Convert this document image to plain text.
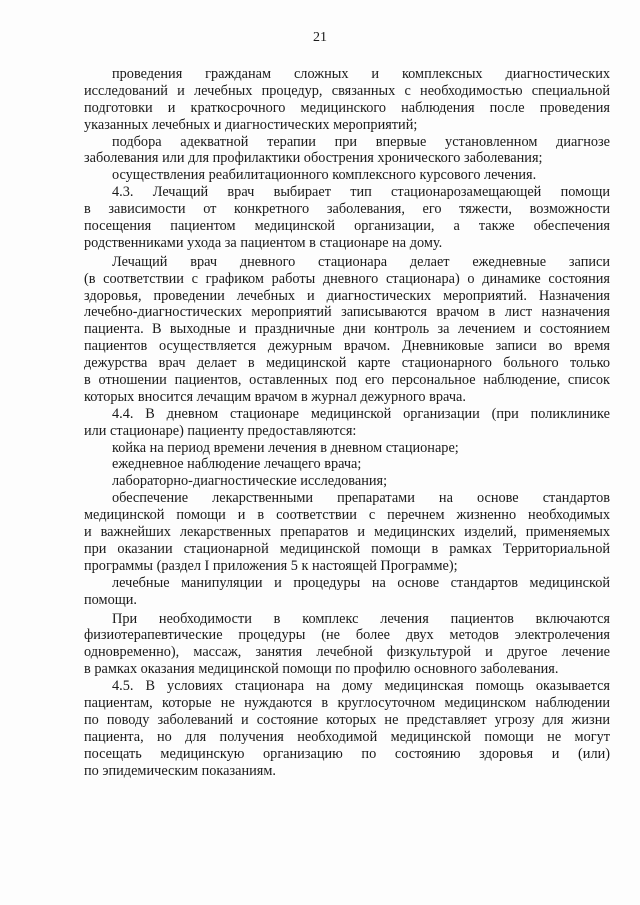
21
проведения гражданам сложных и комплексных диагностических
исследований и лечебных процедур, связанных с необходимостью специальной
подготовки и краткосрочного медицинского наблюдения после проведения
указанных лечебных и диагностических мероприятий;
подбора адекватной терапии при впервые установленном диагнозе
заболевания или для профилактики обострения хронического заболевания;
осуществления реабилитационного комплексного курсового лечения.
4.3. Лечащий врач выбирает тип стационарозамещающей помощи
в зависимости от конкретного заболевания, его тяжести, возможности
посещения пациентом медицинской организации, а также обеспечения
родственниками ухода за пациентом в стационаре на дому.
Лечащий врач дневного стационара делает ежедневные записи
(в соответствии с графиком работы дневного стационара) о динамике состояния
здоровья, проведении лечебных и диагностических мероприятий. Назначения
лечебно-диагностических мероприятий записываются врачом в лист назначения
пациента. В выходные и праздничные дни контроль за лечением и состоянием
пациентов осуществляется дежурным врачом. Дневниковые записи во время
дежурства врач делает в медицинской карте стационарного больного только
в отношении пациентов, оставленных под его персональное наблюдение, список
которых вносится лечащим врачом в журнал дежурного врача.
4.4. В дневном стационаре медицинской организации (при поликлинике
или стационаре) пациенту предоставляются:
койка на период времени лечения в дневном стационаре;
ежедневное наблюдение лечащего врача;
лабораторно-диагностические исследования;
обеспечение лекарственными препаратами на основе стандартов
медицинской помощи и в соответствии с перечнем жизненно необходимых
и важнейших лекарственных препаратов и медицинских изделий, применяемых
при оказании стационарной медицинской помощи в рамках Территориальной
программы (раздел I приложения 5 к настоящей Программе);
лечебные манипуляции и процедуры на основе стандартов медицинской
помощи.
При необходимости в комплекс лечения пациентов включаются
физиотерапевтические процедуры (не более двух методов электролечения
одновременно), массаж, занятия лечебной физкультурой и другое лечение
в рамках оказания медицинской помощи по профилю основного заболевания.
4.5. В условиях стационара на дому медицинская помощь оказывается
пациентам, которые не нуждаются в круглосуточном медицинском наблюдении
по поводу заболеваний и состояние которых не представляет угрозу для жизни
пациента, но для получения необходимой медицинской помощи не могут
посещать медицинскую организацию по состоянию здоровья и (или)
по эпидемическим показаниям.
